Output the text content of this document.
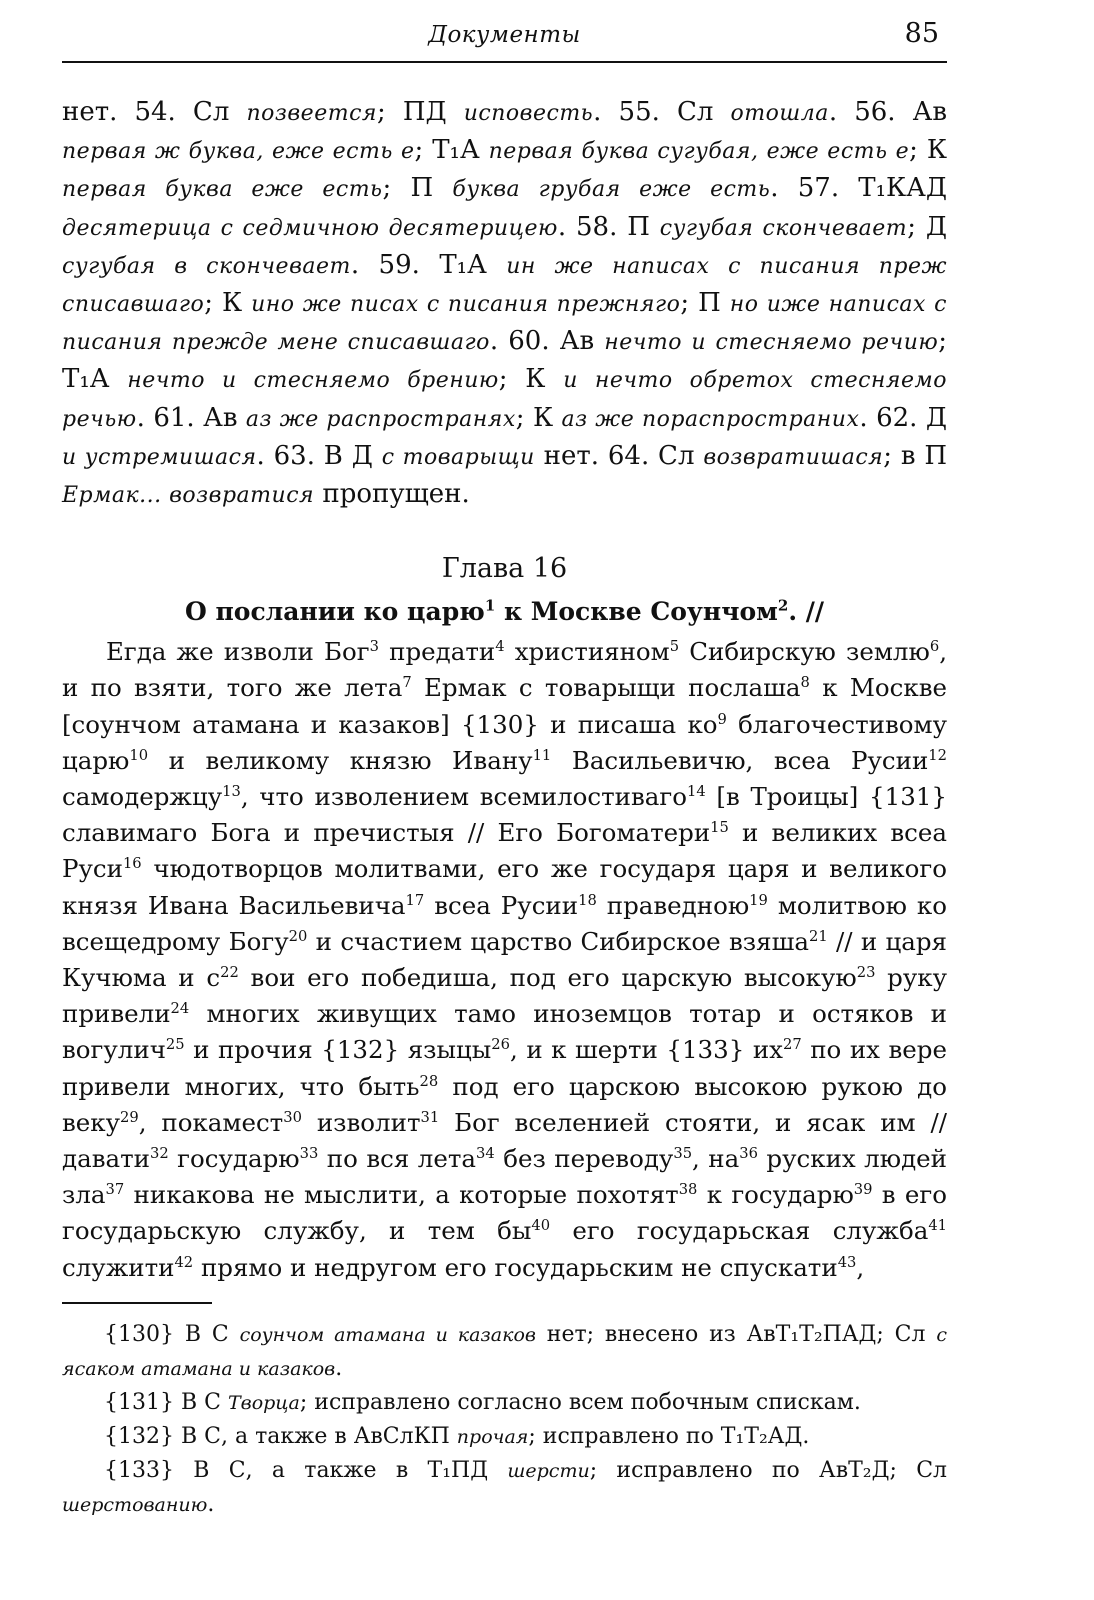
Документы	85
нет. 54. Сл позвеется; ПД исповесть. 55. Сл отошла. 56. Ав первая ж буква, еже есть е; Т₁А первая буква сугубая, еже есть е; К первая буква еже есть; П буква грубая еже есть. 57. Т₁КАД десятерица с седмичною десятерицею. 58. П сугубая скончевает; Д сугубая в скончевает. 59. Т₁А ин же написах с писания преж списавшаго; К ино же писах с писания прежняго; П но иже написах с писания прежде мене списавшаго. 60. Ав нечто и стесняемо речию; Т₁А нечто и стесняемо брению; К и нечто обретох стесняемо речью. 61. Ав аз же распространях; К аз же пораспространих. 62. Д и устремишася. 63. В Д с товарыщи нет. 64. Сл возвратишася; в П Ермак... возвратися пропущен.
Глава 16
О послании ко царю$^1$ к Москве Соунчом$^2$. //

Егда же изволи Бог$^3$ предати$^4$ християном$^5$ Сибирскую землю$^6$, и по взяти, того же лета$^7$ Ермак с товарыщи послаша$^8$ к Москве [соунчом атамана и казаков] {130} и писаша $ко^9$ благочестивому царю$^{10}$ и великому князю Ивану$^{11}$ Васильевичю, всеа Русии$^{12}$ самодержцу$^{13}$, что изволением всемилостиваго$^{14}$ [в Троицы] {131} славимаго Бога и пречистыя // Его Богоматери$^{15}$ и великих всеа Руси$^{16}$ чюдотворцов молитвами, его же государя царя и великого князя Ивана Васильевича$^{17}$ всеа Русии$^{18}$ праведною$^{19}$ молитвою ко всещедрому Богу$^{20}$ и счастием царство Сибирское взяша$^{21}$ // и царя Кучюма и $с^{22}$ вои его победиша, под его царскую высокую$^{23}$ руку привели$^{24}$ многих живущих тамо иноземцов тотар и остяков и вогулич$^{25}$ и прочия {132} языцы$^{26}$, и к шерти {133} $их^{27}$ по их вере привели многих, что быть$^{28}$ под его царскою высокою рукою до веку$^{29}$, покамест$^{30}$ изволит$^{31}$ Бог вселенией стояти, и ясак им // давати$^{32}$ государю$^{33}$ по вся лета$^{34}$ без переводу$^{35}$, $на^{36}$ руских людей зла$^{37}$ никакова не мыслити, а которые похотят$^{38}$ к государю$^{39}$ в его государьскую службу, и тем $бы^{40}$ его государьская служба$^{41}$ служити$^{42}$ прямо и недругом его государьским не спускати$^{43}$,

{130} В С соунчом атамана и казаков нет; внесено из АвТ₁Т₂ПАД; Сл с ясаком атамана и казаков.

{131} В С Творца; исправлено согласно всем побочным спискам.

{132} В С, а также в АвСлКП прочая; исправлено по Т₁Т₂АД.

{133} В С, а также в Т₁ПД шерсти; исправлено по АвТ₂Д; Сл шерстованию.
